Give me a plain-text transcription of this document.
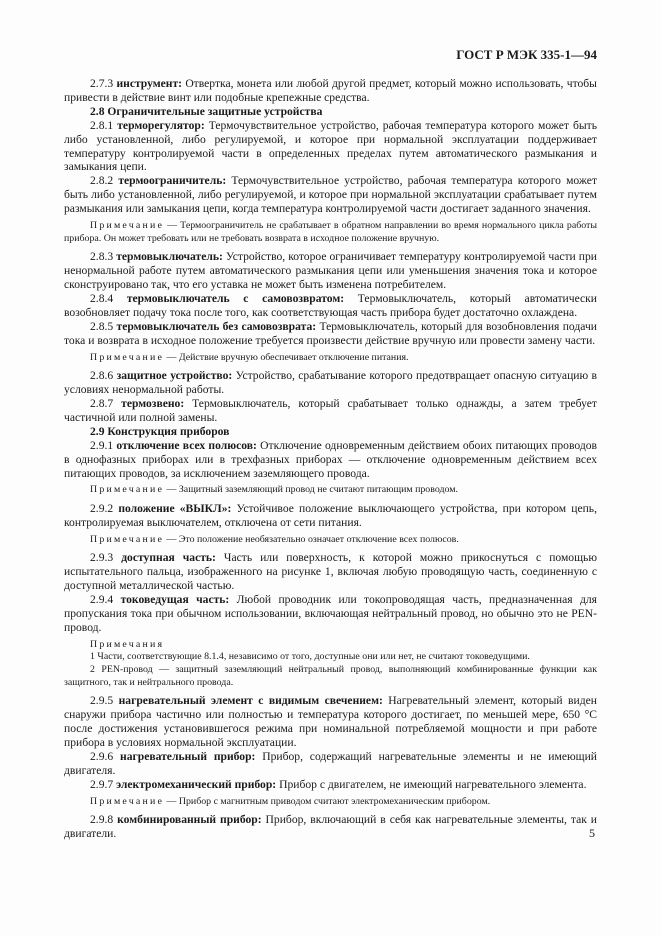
ГОСТ Р МЭК 335-1—94

2.7.3 инструмент: Отвертка, монета или любой другой предмет, который можно использовать, чтобы привести в действие винт или подобные крепежные средства.

2.8 Ограничительные защитные устройства

2.8.1 терморегулятор: Термочувствительное устройство, рабочая температура которого может быть либо установленной, либо регулируемой, и которое при нормальной эксплуатации поддерживает температуру контролируемой части в определенных пределах путем автоматического размыкания и замыкания цепи.

2.8.2 термоограничитель: Термочувствительное устройство, рабочая температура которого может быть либо установленной, либо регулируемой, и которое при нормальной эксплуатации срабатывает путем размыкания или замыкания цепи, когда температура контролируемой части достигает заданного значения.

Примечание — Термоограничитель не срабатывает в обратном направлении во время нормального цикла работы прибора. Он может требовать или не требовать возврата в исходное положение вручную.

2.8.3 термовыключатель: Устройство, которое ограничивает температуру контролируемой части при ненормальной работе путем автоматического размыкания цепи или уменьшения значения тока и которое сконструировано так, что его уставка не может быть изменена потребителем.

2.8.4 термовыключатель с самовозвратом: Термовыключатель, который автоматически возобновляет подачу тока после того, как соответствующая часть прибора будет достаточно охлаждена.

2.8.5 термовыключатель без самовозврата: Термовыключатель, который для возобновления подачи тока и возврата в исходное положение требуется произвести действие вручную или провести замену части.

Примечание — Действие вручную обеспечивает отключение питания.

2.8.6 защитное устройство: Устройство, срабатывание которого предотвращает опасную ситуацию в условиях ненормальной работы.

2.8.7 термозвено: Термовыключатель, который срабатывает только однажды, а затем требует частичной или полной замены.

2.9 Конструкция приборов

2.9.1 отключение всех полюсов: Отключение одновременным действием обоих питающих проводов в однофазных приборах или в трехфазных приборах — отключение одновременным действием всех питающих проводов, за исключением заземляющего провода.

Примечание — Защитный заземляющий провод не считают питающим проводом.

2.9.2 положение «ВЫКЛ»: Устойчивое положение выключающего устройства, при котором цепь, контролируемая выключателем, отключена от сети питания.

Примечание — Это положение необязательно означает отключение всех полюсов.

2.9.3 доступная часть: Часть или поверхность, к которой можно прикоснуться с помощью испытательного пальца, изображенного на рисунке 1, включая любую проводящую часть, соединенную с доступной металлической частью.

2.9.4 токоведущая часть: Любой проводник или токопроводящая часть, предназначенная для пропускания тока при обычном использовании, включающая нейтральный провод, но обычно это не PEN-провод.

Примечания

1 Части, соответствующие 8.1.4, независимо от того, доступные они или нет, не считают токоведущими.

2 PEN-провод — защитный заземляющий нейтральный провод, выполняющий комбинированные функции как защитного, так и нейтрального провода.

2.9.5 нагревательный элемент с видимым свечением: Нагревательный элемент, который виден снаружи прибора частично или полностью и температура которого достигает, по меньшей мере, 650 °С после достижения установившегося режима при номинальной потребляемой мощности и при работе прибора в условиях нормальной эксплуатации.

2.9.6 нагревательный прибор: Прибор, содержащий нагревательные элементы и не имеющий двигателя.

2.9.7 электромеханический прибор: Прибор с двигателем, не имеющий нагревательного элемента.

Примечание — Прибор с магнитным приводом считают электромеханическим прибором.

2.9.8 комбинированный прибор: Прибор, включающий в себя как нагревательные элементы, так и двигатели.	5
